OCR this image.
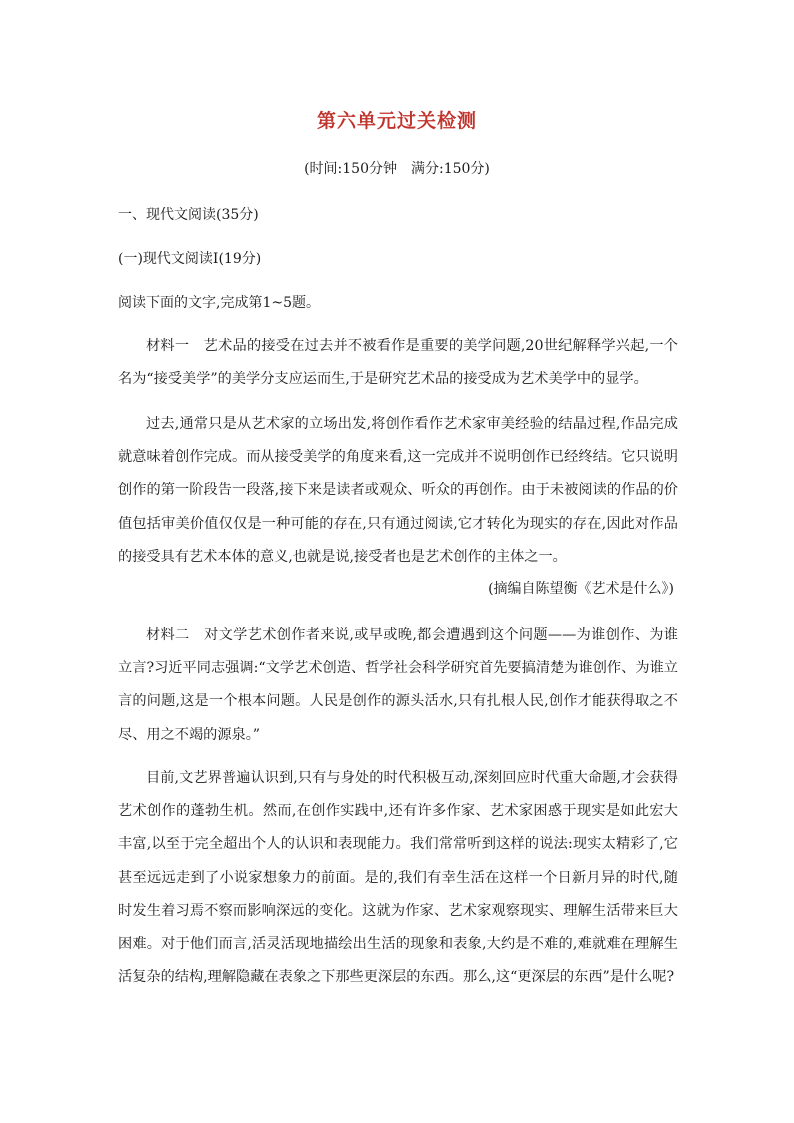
第六单元过关检测
(时间:150分钟　满分:150分)
一、现代文阅读(35分)
(一)现代文阅读Ⅰ(19分)
阅读下面的文字,完成第1~5题。
材料一　艺术品的接受在过去并不被看作是重要的美学问题,20世纪解释学兴起,一个名为“接受美学”的美学分支应运而生,于是研究艺术品的接受成为艺术美学中的显学。
过去,通常只是从艺术家的立场出发,将创作看作艺术家审美经验的结晶过程,作品完成就意味着创作完成。而从接受美学的角度来看,这一完成并不说明创作已经终结。它只说明创作的第一阶段告一段落,接下来是读者或观众、听众的再创作。由于未被阅读的作品的价值包括审美价值仅仅是一种可能的存在,只有通过阅读,它才转化为现实的存在,因此对作品的接受具有艺术本体的意义,也就是说,接受者也是艺术创作的主体之一。
(摘编自陈望衡《艺术是什么》)
材料二　对文学艺术创作者来说,或早或晚,都会遭遇到这个问题——为谁创作、为谁立言?习近平同志强调:“文学艺术创造、哲学社会科学研究首先要搞清楚为谁创作、为谁立言的问题,这是一个根本问题。人民是创作的源头活水,只有扎根人民,创作才能获得取之不尽、用之不竭的源泉。”
目前,文艺界普遍认识到,只有与身处的时代积极互动,深刻回应时代重大命题,才会获得艺术创作的蓬勃生机。然而,在创作实践中,还有许多作家、艺术家困惑于现实是如此宏大丰富,以至于完全超出个人的认识和表现能力。我们常常听到这样的说法:现实太精彩了,它甚至远远走到了小说家想象力的前面。是的,我们有幸生活在这样一个日新月异的时代,随时发生着习焉不察而影响深远的变化。这就为作家、艺术家观察现实、理解生活带来巨大困难。对于他们而言,活灵活现地描绘出生活的现象和表象,大约是不难的,难就难在理解生活复杂的结构,理解隐藏在表象之下那些更深层的东西。那么,这“更深层的东西”是什么呢?
